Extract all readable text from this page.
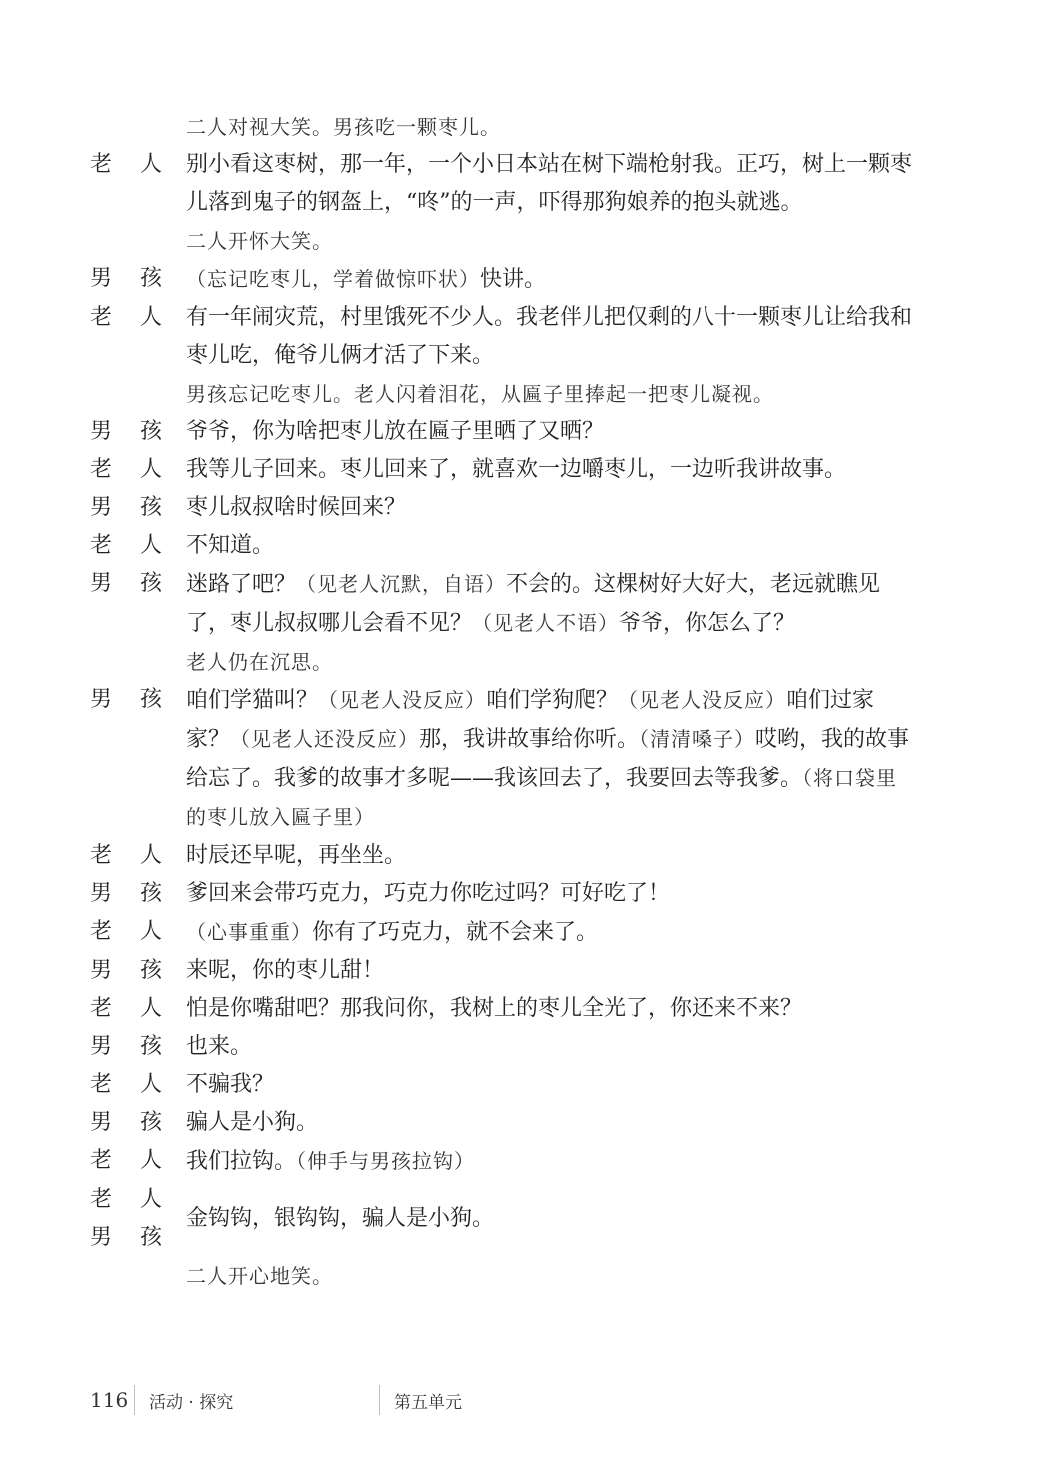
二人对视大笑。男孩吃一颗枣儿。
老 人 别小看这枣树，那一年，一个小日本站在树下端枪射我。正巧，树上一颗枣儿落到鬼子的钢盔上，“咚”的一声，吓得那狗娘养的抱头就逃。
二人开怀大笑。
男 孩 （忘记吃枣儿，学着做惊吓状）快讲。
老 人 有一年闹灾荒，村里饿死不少人。我老伴儿把仅剩的八十一颗枣儿让给我和枣儿吃，俺爷儿俩才活了下来。
男孩忘记吃枣儿。老人闪着泪花，从匾子里捧起一把枣儿凝视。
男 孩 爷爷，你为啥把枣儿放在匾子里晒了又晒？
老 人 我等儿子回来。枣儿回来了，就喜欢一边嚼枣儿，一边听我讲故事。
男 孩 枣儿叔叔啥时候回来？
老 人 不知道。
男 孩 迷路了吧？（见老人沉默，自语）不会的。这棵树好大好大，老远就瞧见了，枣儿叔叔哪儿会看不见？（见老人不语）爷爷，你怎么了？
老人仍在沉思。
男 孩 咱们学猫叫？（见老人没反应）咱们学狗爬？（见老人没反应）咱们过家家？（见老人还没反应）那，我讲故事给你听。（清清嗓子）哎哟，我的故事给忘了。我爹的故事才多呢——我该回去了，我要回去等我爹。（将口袋里的枣儿放入匾子里）
老 人 时辰还早呢，再坐坐。
男 孩 爹回来会带巧克力，巧克力你吃过吗？可好吃了！
老 人 （心事重重）你有了巧克力，就不会来了。
男 孩 来呢，你的枣儿甜！
老 人 怕是你嘴甜吧？那我问你，我树上的枣儿全光了，你还来不来？
男 孩 也来。
老 人 不骗我？
男 孩 骗人是小狗。
老 人 我们拉钩。（伸手与男孩拉钩）
老 人
男 孩
金钩钩，银钩钩，骗人是小狗。
二人开心地笑。
116	活动 · 探究	第五单元
